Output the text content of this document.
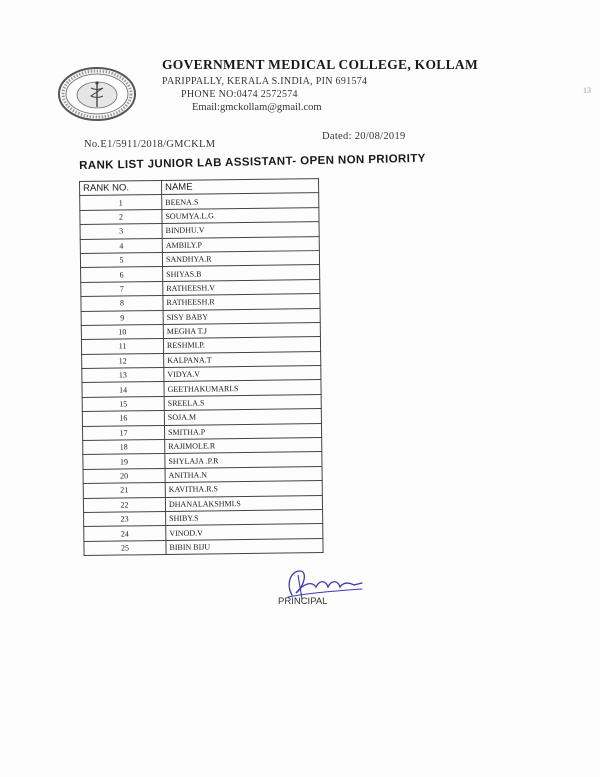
GOVERNMENT MEDICAL COLLEGE, KOLLAM
PARIPPALLY, KERALA S.INDIA, PIN 691574
PHONE NO:0474 2572574
Email:gmckollam@gmail.com
No.E1/5911/2018/GMCKLM
Dated: 20/08/2019
RANK LIST JUNIOR LAB ASSISTANT- OPEN NON PRIORITY
RANK NO.	NAME
1	BEENA.S
2	SOUMYA.L.G
3	BINDHU.V
4	AMBILY.P
5	SANDHYA.R
6	SHIYAS.B
7	RATHEESH.V
8	RATHEESH.R
9	SISY BABY
10	MEGHA T.J
11	RESHMI.P.
12	KALPANA.T
13	VIDYA.V
14	GEETHAKUMARI.S
15	SREELA.S
16	SOJA.M
17	SMITHA.P
18	RAJIMOLE.R
19	SHYLAJA .P.R
20	ANITHA.N
21	KAVITHA.R.S
22	DHANALAKSHMI.S
23	SHIBY.S
24	VINOD.V
25	BIBIN BIJU
PRINCIPAL
13
